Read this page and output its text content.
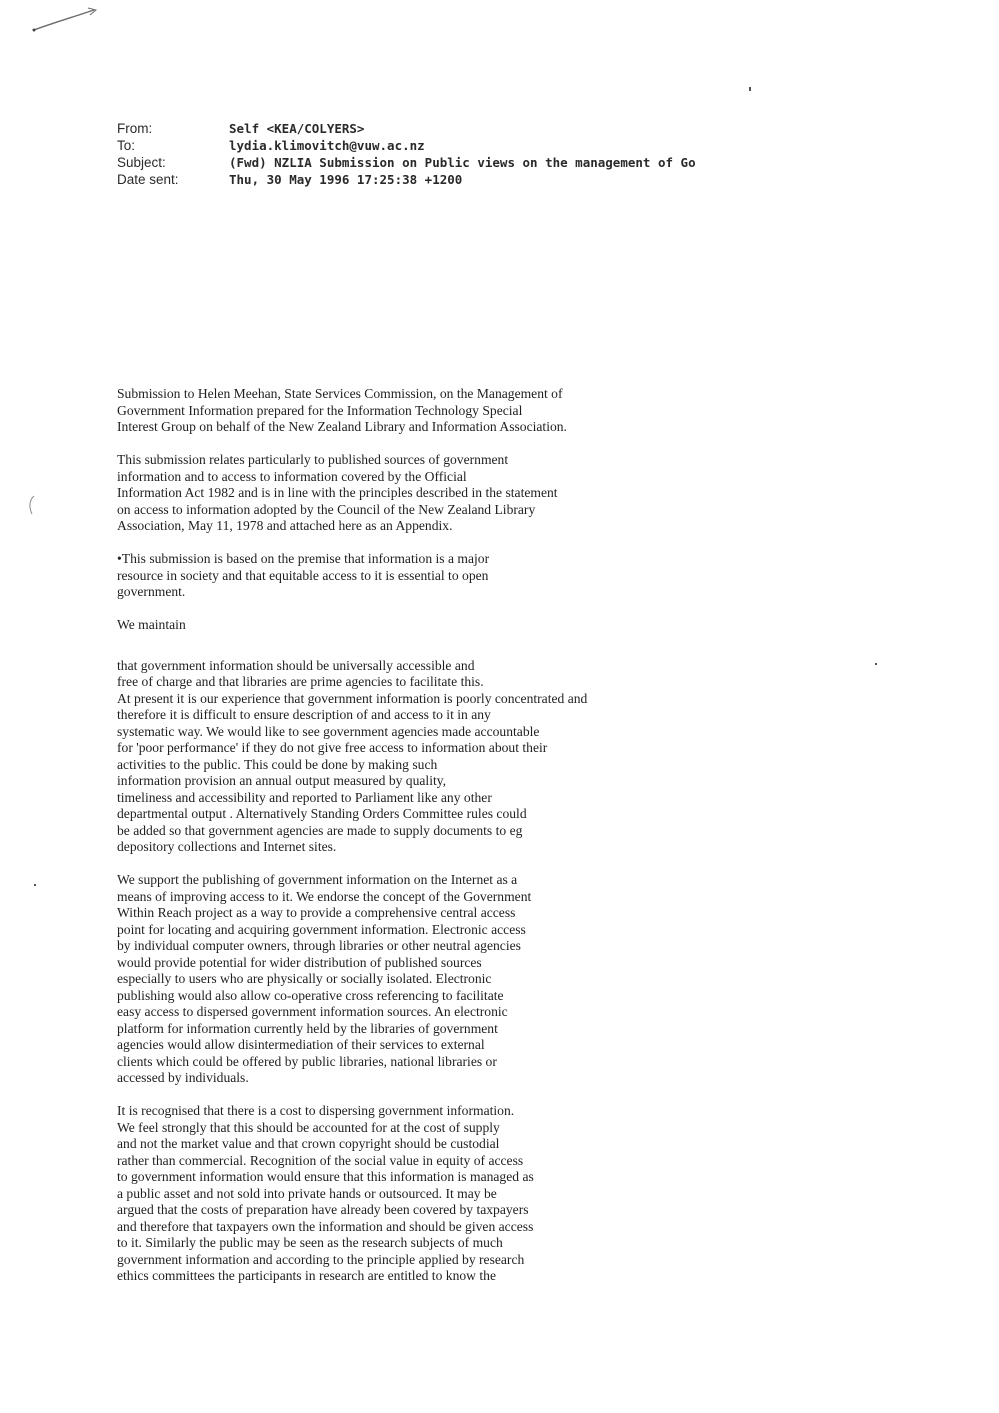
From:	Self <KEA/COLYERS>
To:	lydia.klimovitch@vuw.ac.nz
Subject:	(Fwd) NZLIA Submission on Public views on the management of Go
Date sent:	Thu, 30 May 1996 17:25:38 +1200

Submission to Helen Meehan, State Services Commission, on the Management of
Government Information prepared for the Information Technology Special
Interest Group on behalf of the New Zealand Library and Information Association.

This submission relates particularly to published sources of government
information and to access to information covered by the Official
Information Act 1982 and is in line with the principles described in the statement
on access to information adopted by the Council of the New Zealand Library
Association, May 11, 1978 and attached here as an Appendix.

•This submission is based on the premise that information is a major
resource in society and that equitable access to it is essential to open
government.

We maintain

that government information should be universally accessible and
free of charge and that libraries are prime agencies to facilitate this.
At present it is our experience that government information is poorly concentrated and
therefore it is difficult to ensure description of and access to it in any
systematic way. We would like to see government agencies made accountable
for 'poor performance' if they do not give free access to information about their
activities to the public. This could be done by making such
information provision an annual output measured by quality,
timeliness and accessibility and reported to Parliament like any other
departmental output . Alternatively Standing Orders Committee rules could
be added so that government agencies are made to supply documents to eg
depository collections and Internet sites.

We support the publishing of government information on the Internet as a
means of improving access to it. We endorse the concept of the Government
Within Reach project as a way to provide a comprehensive central access
point for locating and acquiring government information. Electronic access
by individual computer owners, through libraries or other neutral agencies
would provide potential for wider distribution of published sources
especially to users who are physically or socially isolated. Electronic
publishing would also allow co-operative cross referencing to facilitate
easy access to dispersed government information sources. An electronic
platform for information currently held by the libraries of government
agencies would allow disintermediation of their services to external
clients which could be offered by public libraries, national libraries or
accessed by individuals.

It is recognised that there is a cost to dispersing government information.
We feel strongly that this should be accounted for at the cost of supply
and not the market value and that crown copyright should be custodial
rather than commercial. Recognition of the social value in equity of access
to government information would ensure that this information is managed as
a public asset and not sold into private hands or outsourced. It may be
argued that the costs of preparation have already been covered by taxpayers
and therefore that taxpayers own the information and should be given access
to it. Similarly the public may be seen as the research subjects of much
government information and according to the principle applied by research
ethics committees the participants in research are entitled to know the
